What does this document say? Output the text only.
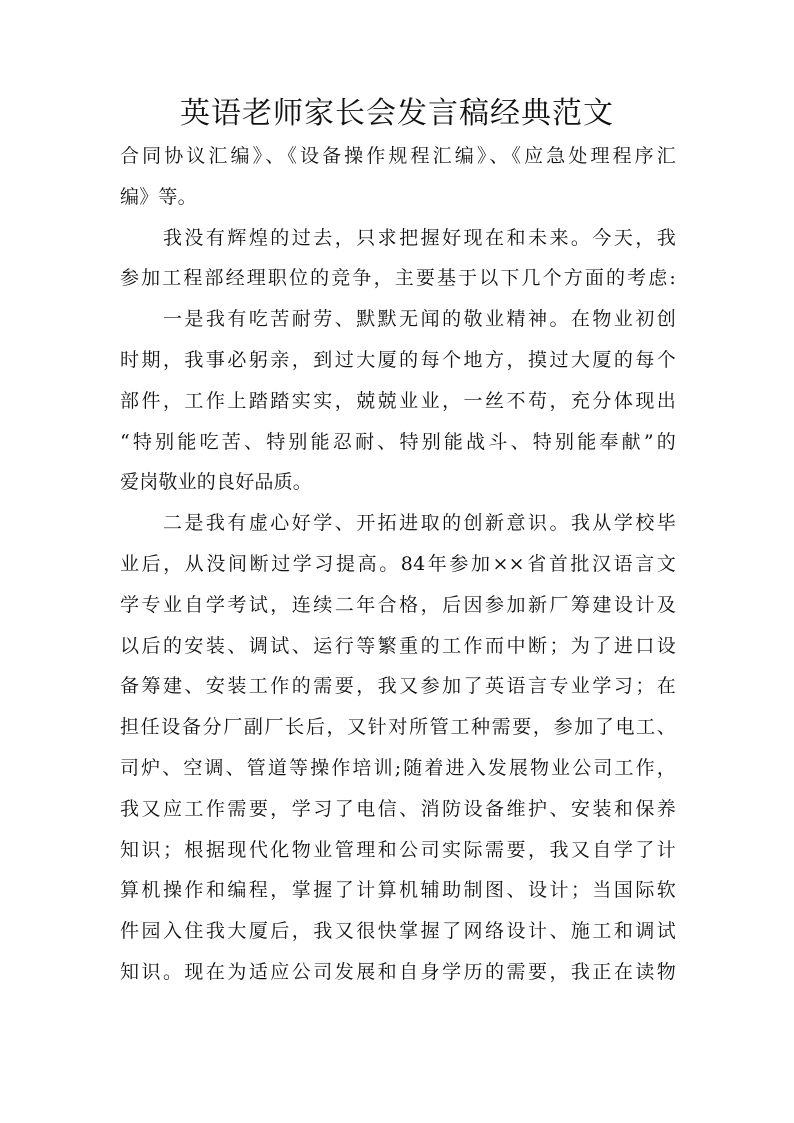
英语老师家长会发言稿经典范文
合同协议汇编》、《设备操作规程汇编》、《应急处理程序汇
编》等。
　　我没有辉煌的过去，只求把握好现在和未来。今天，我
参加工程部经理职位的竞争，主要基于以下几个方面的考虑:
　　一是我有吃苦耐劳、默默无闻的敬业精神。在物业初创
时期，我事必躬亲，到过大厦的每个地方，摸过大厦的每个
部件，工作上踏踏实实，兢兢业业，一丝不苟，充分体现出
“特别能吃苦、特别能忍耐、特别能战斗、特别能奉献”的
爱岗敬业的良好品质。
　　二是我有虚心好学、开拓进取的创新意识。我从学校毕
业后，从没间断过学习提高。84年参加××省首批汉语言文
学专业自学考试，连续二年合格，后因参加新厂筹建设计及
以后的安装、调试、运行等繁重的工作而中断；为了进口设
备筹建、安装工作的需要，我又参加了英语言专业学习；在
担任设备分厂副厂长后，又针对所管工种需要，参加了电工、
司炉、空调、管道等操作培训;随着进入发展物业公司工作，
我又应工作需要，学习了电信、消防设备维护、安装和保养
知识；根据现代化物业管理和公司实际需要，我又自学了计
算机操作和编程，掌握了计算机辅助制图、设计；当国际软
件园入住我大厦后，我又很快掌握了网络设计、施工和调试
知识。现在为适应公司发展和自身学历的需要，我正在读物
